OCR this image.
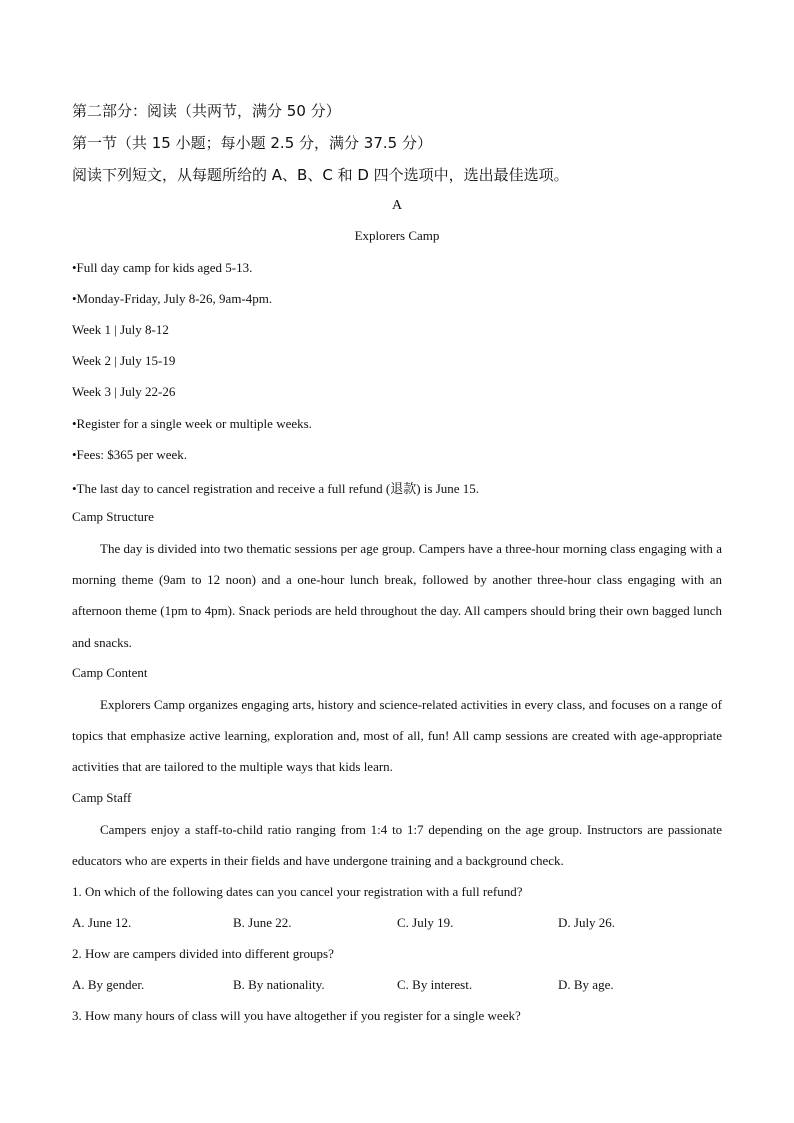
第二部分：阅读（共两节，满分 50 分）
第一节（共 15 小题；每小题 2.5 分，满分 37.5 分）
阅读下列短文，从每题所给的 A、B、C 和 D 四个选项中，选出最佳选项。
A
Explorers Camp
•Full day camp for kids aged 5-13.
•Monday-Friday, July 8-26, 9am-4pm.
Week 1 | July 8-12
Week 2 | July 15-19
Week 3 | July 22-26
•Register for a single week or multiple weeks.
•Fees: $365 per week.
•The last day to cancel registration and receive a full refund (退款) is June 15.
Camp Structure
The day is divided into two thematic sessions per age group. Campers have a three-hour morning class engaging with a morning theme (9am to 12 noon) and a one-hour lunch break, followed by another three-hour class engaging with an afternoon theme (1pm to 4pm). Snack periods are held throughout the day. All campers should bring their own bagged lunch and snacks.
Camp Content
Explorers Camp organizes engaging arts, history and science-related activities in every class, and focuses on a range of topics that emphasize active learning, exploration and, most of all, fun! All camp sessions are created with age-appropriate activities that are tailored to the multiple ways that kids learn.
Camp Staff
Campers enjoy a staff-to-child ratio ranging from 1:4 to 1:7 depending on the age group. Instructors are passionate educators who are experts in their fields and have undergone training and a background check.
1. On which of the following dates can you cancel your registration with a full refund?
A. June 12.	B. June 22.	C. July 19.	D. July 26.
2. How are campers divided into different groups?
A. By gender.	B. By nationality.	C. By interest.	D. By age.
3. How many hours of class will you have altogether if you register for a single week?
